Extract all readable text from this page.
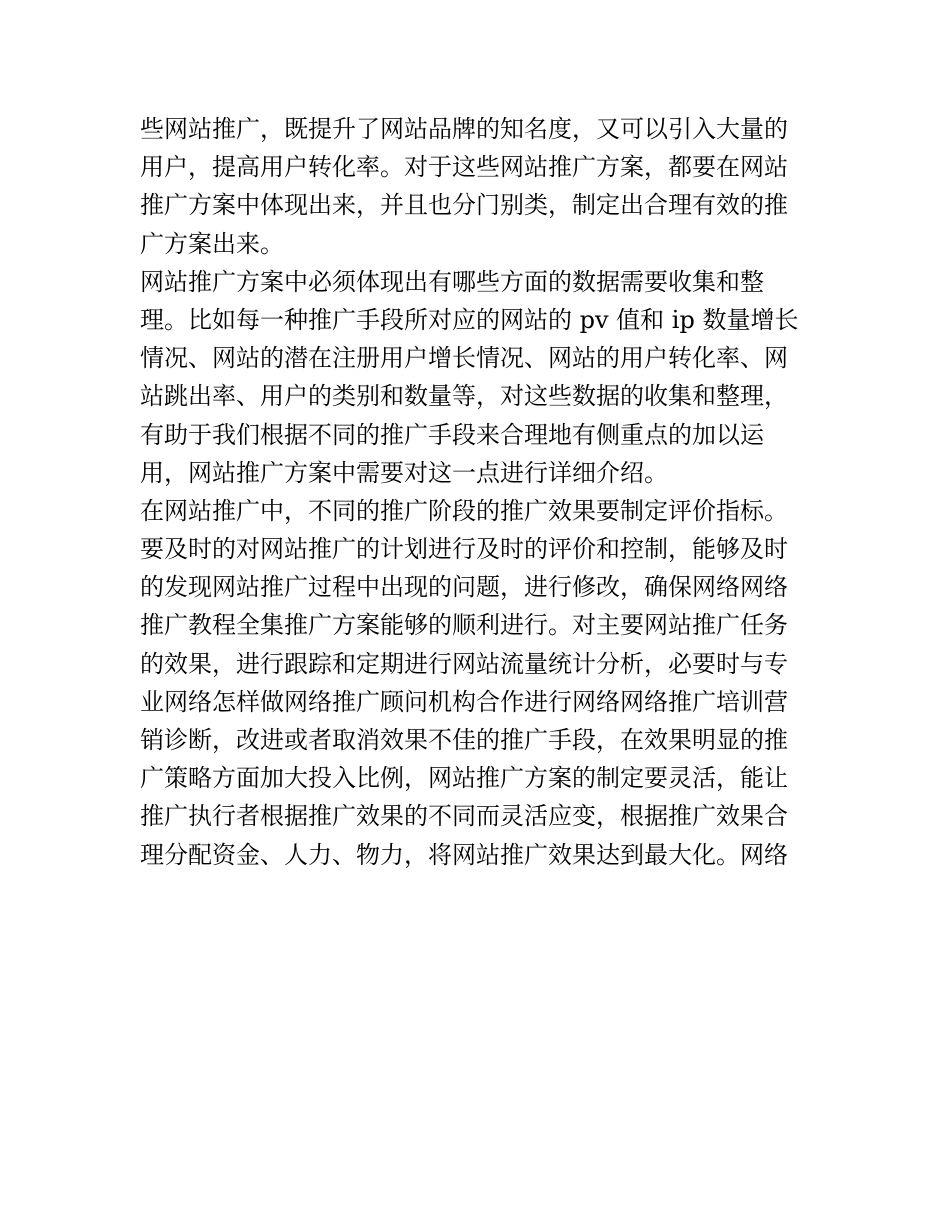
些网站推广，既提升了网站品牌的知名度，又可以引入大量的
用户，提高用户转化率。对于这些网站推广方案，都要在网站
推广方案中体现出来，并且也分门别类，制定出合理有效的推
广方案出来。
网站推广方案中必须体现出有哪些方面的数据需要收集和整
理。比如每一种推广手段所对应的网站的 pv 值和 ip 数量增长
情况、网站的潜在注册用户增长情况、网站的用户转化率、网
站跳出率、用户的类别和数量等，对这些数据的收集和整理，
有助于我们根据不同的推广手段来合理地有侧重点的加以运
用，网站推广方案中需要对这一点进行详细介绍。
在网站推广中，不同的推广阶段的推广效果要制定评价指标。
要及时的对网站推广的计划进行及时的评价和控制，能够及时
的发现网站推广过程中出现的问题，进行修改，确保网络网络
推广教程全集推广方案能够的顺利进行。对主要网站推广任务
的效果，进行跟踪和定期进行网站流量统计分析，必要时与专
业网络怎样做网络推广顾问机构合作进行网络网络推广培训营
销诊断，改进或者取消效果不佳的推广手段，在效果明显的推
广策略方面加大投入比例，网站推广方案的制定要灵活，能让
推广执行者根据推广效果的不同而灵活应变，根据推广效果合
理分配资金、人力、物力，将网站推广效果达到最大化。网络
